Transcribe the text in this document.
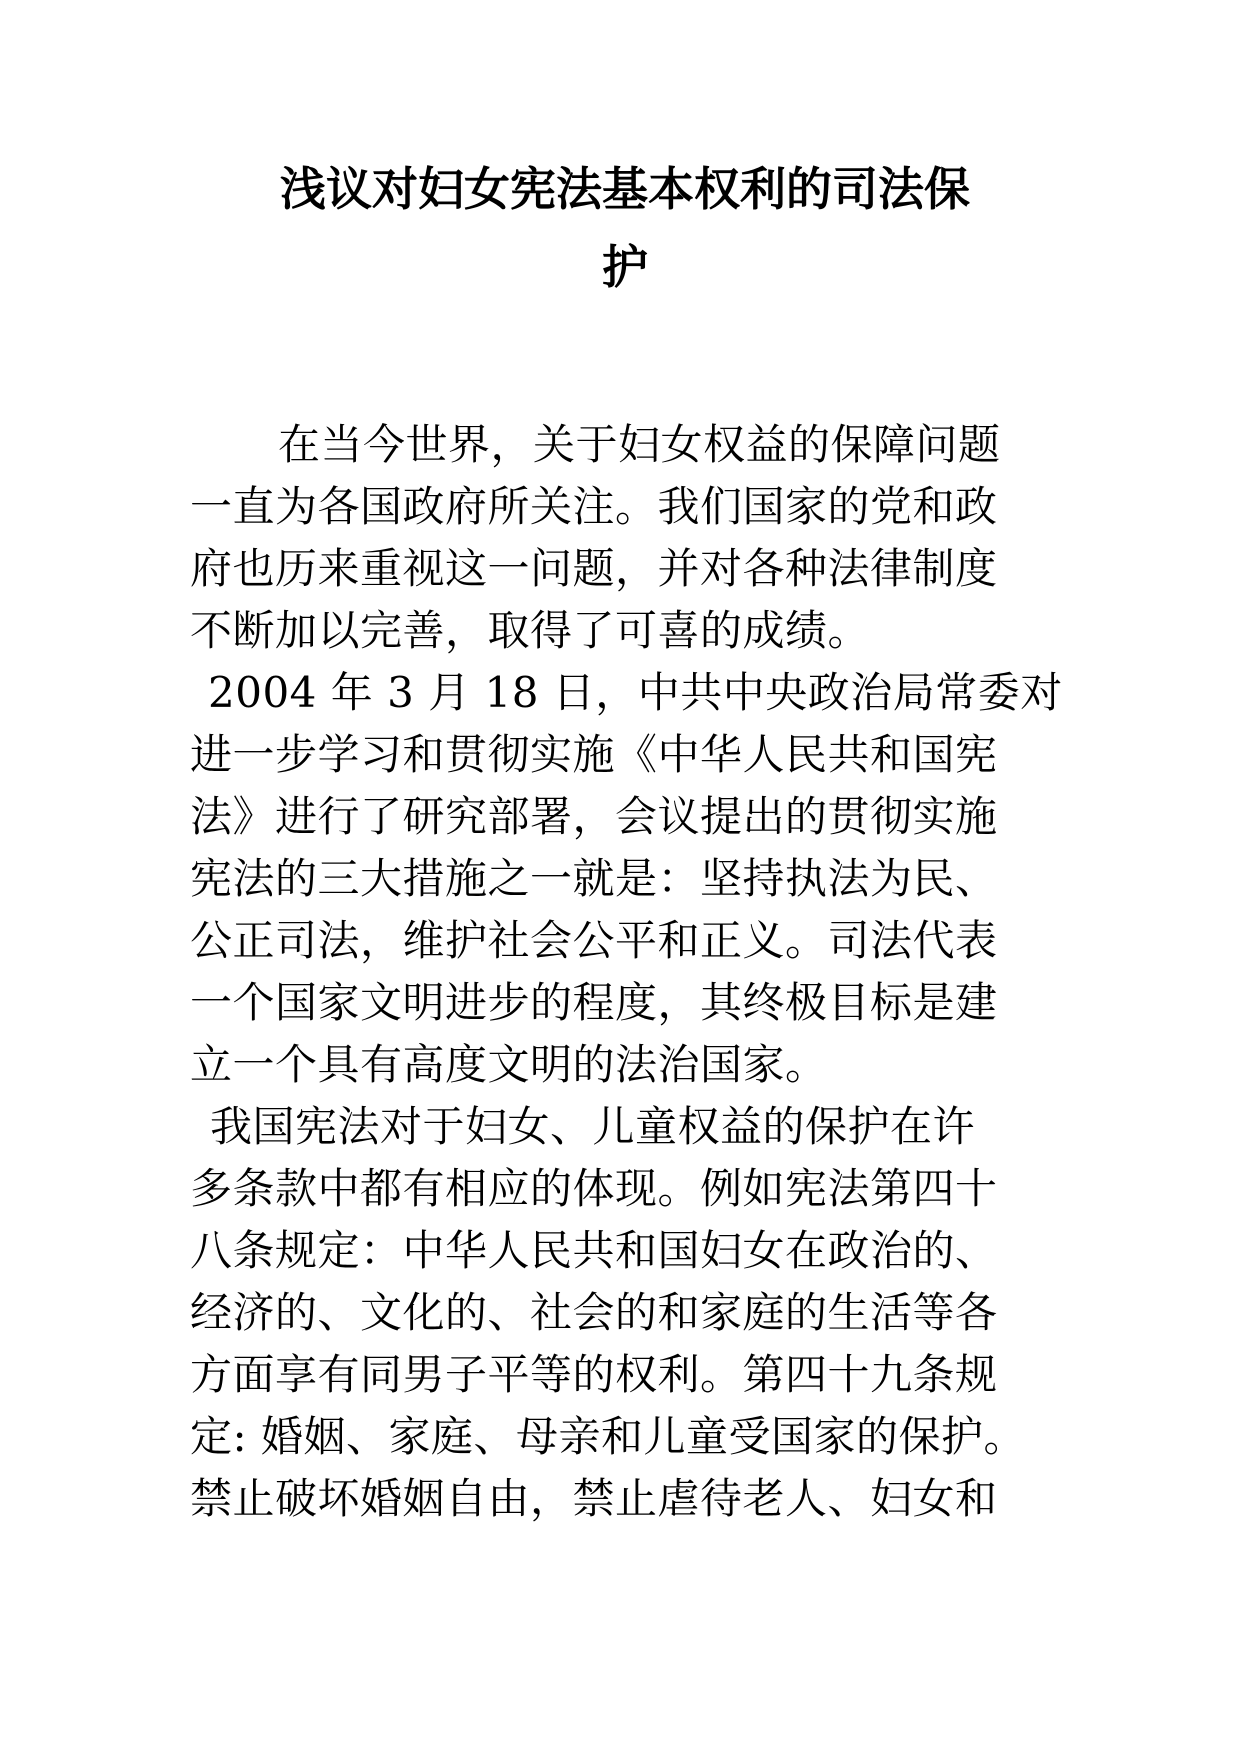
浅议对妇女宪法基本权利的司法保
护
在当今世界，关于妇女权益的保障问题
一直为各国政府所关注。我们国家的党和政
府也历来重视这一问题，并对各种法律制度
不断加以完善，取得了可喜的成绩。
2004 年 3 月 18 日，中共中央政治局常委对
进一步学习和贯彻实施《中华人民共和国宪
法》进行了研究部署，会议提出的贯彻实施
宪法的三大措施之一就是：坚持执法为民、
公正司法，维护社会公平和正义。司法代表
一个国家文明进步的程度，其终极目标是建
立一个具有高度文明的法治国家。
我国宪法对于妇女、儿童权益的保护在许
多条款中都有相应的体现。例如宪法第四十
八条规定：中华人民共和国妇女在政治的、
经济的、文化的、社会的和家庭的生活等各
方面享有同男子平等的权利。第四十九条规
定: 婚姻、家庭、母亲和儿童受国家的保护。
禁止破坏婚姻自由，禁止虐待老人、妇女和
